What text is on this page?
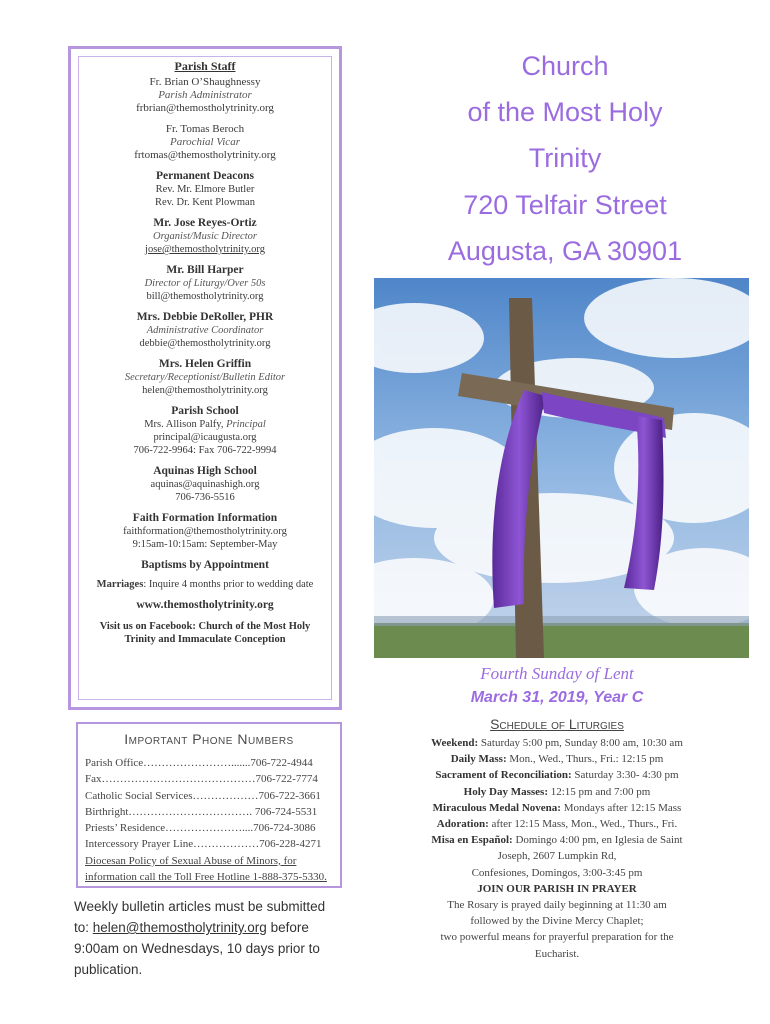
Parish Staff
Fr. Brian O’Shaughnessy
Parish Administrator
frbrian@themostholytrinity.org
Fr. Tomas Beroch
Parochial Vicar
frtomas@themostholytrinity.org
Permanent Deacons
Rev. Mr. Elmore Butler
Rev. Dr. Kent Plowman
Mr. Jose Reyes-Ortiz
Organist/Music Director
jose@themostholytrinity.org
Mr. Bill Harper
Director of Liturgy/Over 50s
bill@themostholytrinity.org
Mrs. Debbie DeRoller, PHR
Administrative Coordinator
debbie@themostholytrinity.org
Mrs. Helen Griffin
Secretary/Receptionist/Bulletin Editor
helen@themostholytrinity.org
Parish School
Mrs. Allison Palfy, Principal
principal@icaugusta.org
706-722-9964: Fax 706-722-9994
Aquinas High School
aquinas@aquinashigh.org
706-736-5516
Faith Formation Information
faithformation@themostholytrinity.org
9:15am-10:15am: September-May
Baptisms by Appointment
Marriages: Inquire 4 months prior to wedding date
www.themostholytrinity.org
Visit us on Facebook: Church of the Most Holy
Trinity and Immaculate Conception
Important Phone Numbers
Parish Office…………………….......706-722-4944
Fax……………………………………706-722-7774
Catholic Social Services………………706-722-3661
Birthright……………………………. 706-724-5531
Priests’ Residence…………………....706-724-3086
Intercessory Prayer Line………………706-228-4271
Diocesan Policy of Sexual Abuse of Minors, for
information call the Toll Free Hotline 1-888-375-5330.
Weekly bulletin articles must be submitted
to: helen@themostholytrinity.org before
9:00am on Wednesdays, 10 days prior to
publication.
Church
of the Most Holy
Trinity
720 Telfair Street
Augusta, GA 30901
Fourth Sunday of Lent
March 31, 2019, Year C
Schedule of Liturgies
Weekend: Saturday 5:00 pm, Sunday 8:00 am, 10:30 am
Daily Mass: Mon., Wed., Thurs., Fri.: 12:15 pm
Sacrament of Reconciliation: Saturday 3:30- 4:30 pm
Holy Day Masses: 12:15 pm and 7:00 pm
Miraculous Medal Novena: Mondays after 12:15 Mass
Adoration: after 12:15 Mass, Mon., Wed., Thurs., Fri.
Misa en Español: Domingo 4:00 pm, en Iglesia de Saint
Joseph, 2607 Lumpkin Rd,
Confesiones, Domingos, 3:00-3:45 pm
JOIN OUR PARISH IN PRAYER
The Rosary is prayed daily beginning at 11:30 am
followed by the Divine Mercy Chaplet;
two powerful means for prayerful preparation for the
Eucharist.
